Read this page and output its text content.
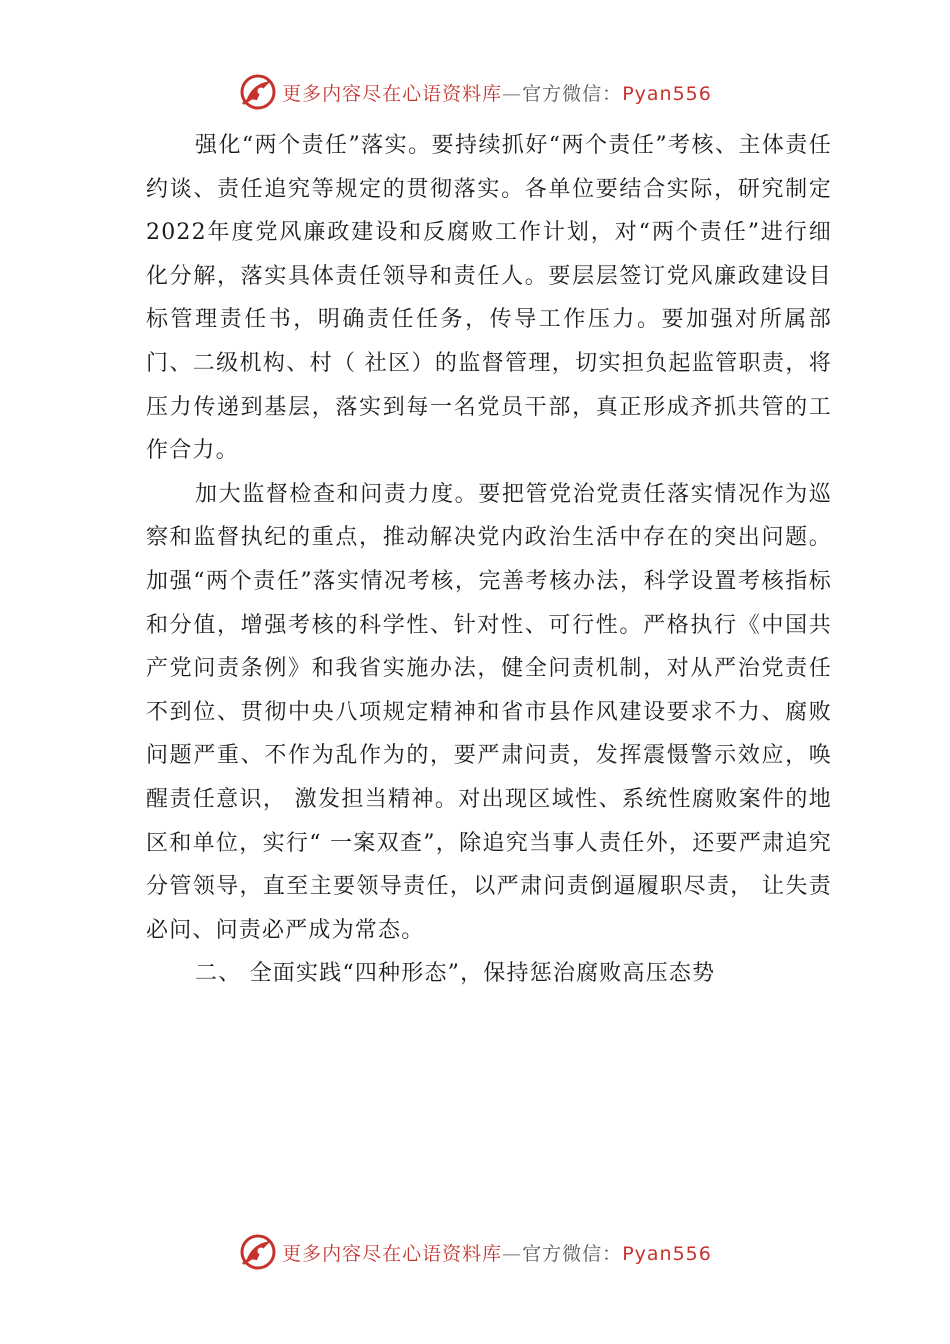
更多内容尽在心语资料库—官方微信：Pyan556

强化“两个责任”落实。要持续抓好“两个责任”考核、主体责任约谈、责任追究等规定的贯彻落实。各单位要结合实际，研究制定2022年度党风廉政建设和反腐败工作计划，对“两个责任”进行细化分解，落实具体责任领导和责任人。要层层签订党风廉政建设目标管理责任书，明确责任任务，传导工作压力。要加强对所属部门、二级机构、村（ 社区）的监督管理，切实担负起监管职责，将压力传递到基层，落实到每一名党员干部，真正形成齐抓共管的工作合力。

加大监督检查和问责力度。要把管党治党责任落实情况作为巡察和监督执纪的重点，推动解决党内政治生活中存在的突出问题。加强“两个责任”落实情况考核，完善考核办法，科学设置考核指标和分值，增强考核的科学性、针对性、可行性。严格执行《中国共产党问责条例》和我省实施办法，健全问责机制，对从严治党责任不到位、贯彻中央八项规定精神和省市县作风建设要求不力、腐败问题严重、不作为乱作为的，要严肃问责，发挥震慑警示效应，唤醒责任意识， 激发担当精神。对出现区域性、系统性腐败案件的地区和单位，实行“ 一案双查”，除追究当事人责任外，还要严肃追究分管领导，直至主要领导责任，以严肃问责倒逼履职尽责， 让失责必问、问责必严成为常态。

二、 全面实践“四种形态”，保持惩治腐败高压态势

更多内容尽在心语资料库—官方微信：Pyan556
